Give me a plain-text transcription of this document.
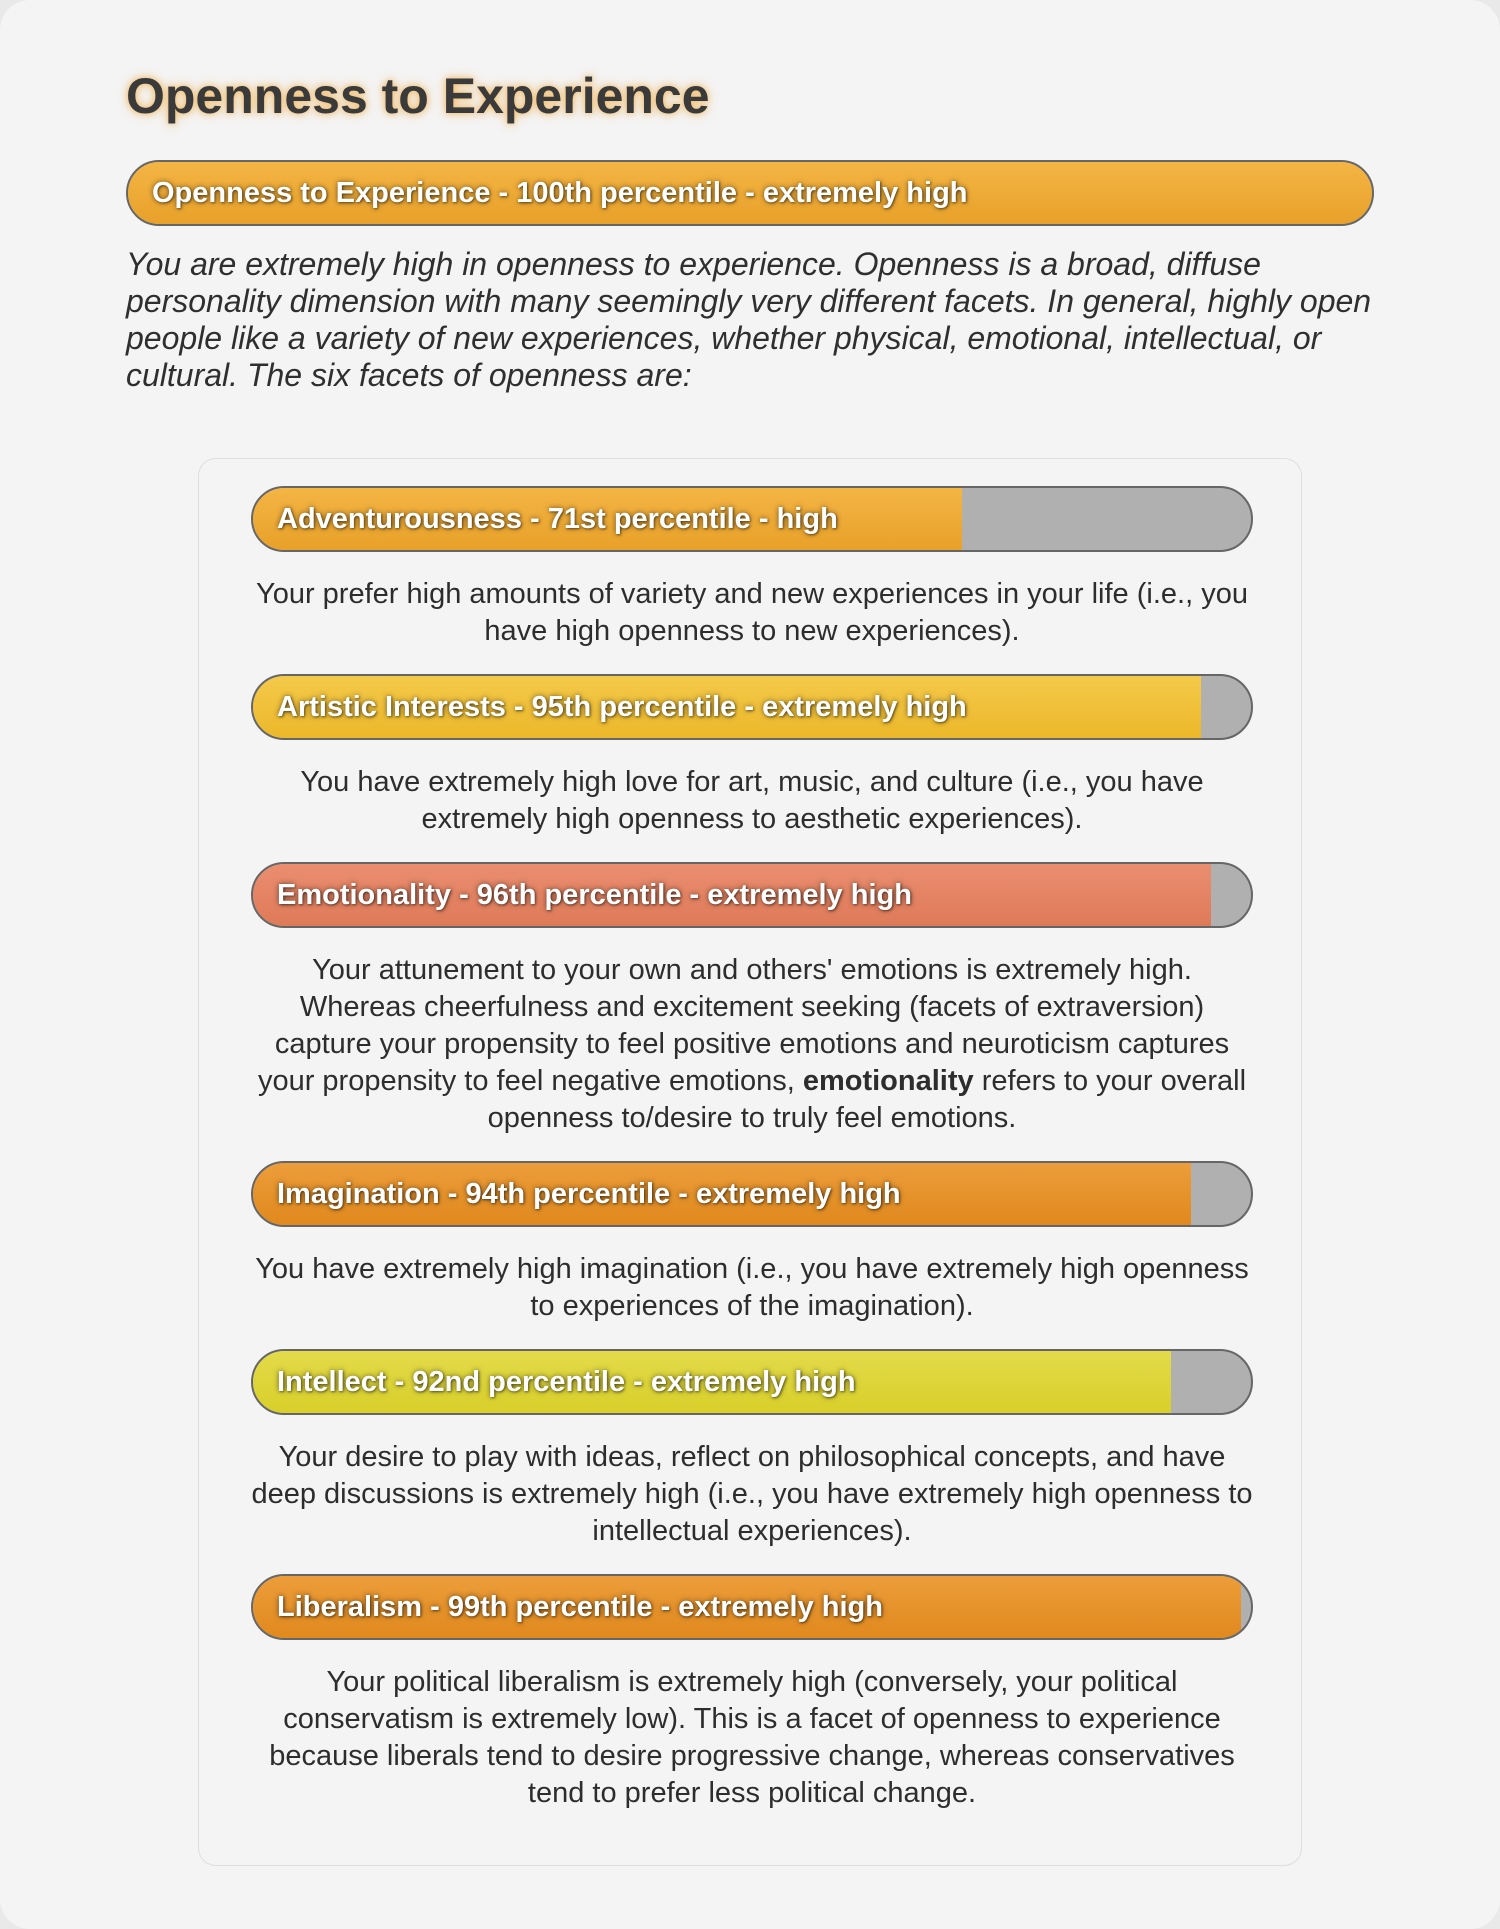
Openness to Experience
Openness to Experience - 100th percentile - extremely high

You are extremely high in openness to experience. Openness is a broad, diffuse personality dimension with many seemingly very different facets. In general, highly open people like a variety of new experiences, whether physical, emotional, intellectual, or cultural. The six facets of openness are:

Adventurousness - 71st percentile - high

Your prefer high amounts of variety and new experiences in your life (i.e., you have high openness to new experiences).

Artistic Interests - 95th percentile - extremely high

You have extremely high love for art, music, and culture (i.e., you have extremely high openness to aesthetic experiences).

Emotionality - 96th percentile - extremely high

Your attunement to your own and others' emotions is extremely high. Whereas cheerfulness and excitement seeking (facets of extraversion) capture your propensity to feel positive emotions and neuroticism captures your propensity to feel negative emotions, emotionality refers to your overall openness to/desire to truly feel emotions.

Imagination - 94th percentile - extremely high

You have extremely high imagination (i.e., you have extremely high openness to experiences of the imagination).

Intellect - 92nd percentile - extremely high

Your desire to play with ideas, reflect on philosophical concepts, and have deep discussions is extremely high (i.e., you have extremely high openness to intellectual experiences).

Liberalism - 99th percentile - extremely high

Your political liberalism is extremely high (conversely, your political conservatism is extremely low). This is a facet of openness to experience because liberals tend to desire progressive change, whereas conservatives tend to prefer less political change.
